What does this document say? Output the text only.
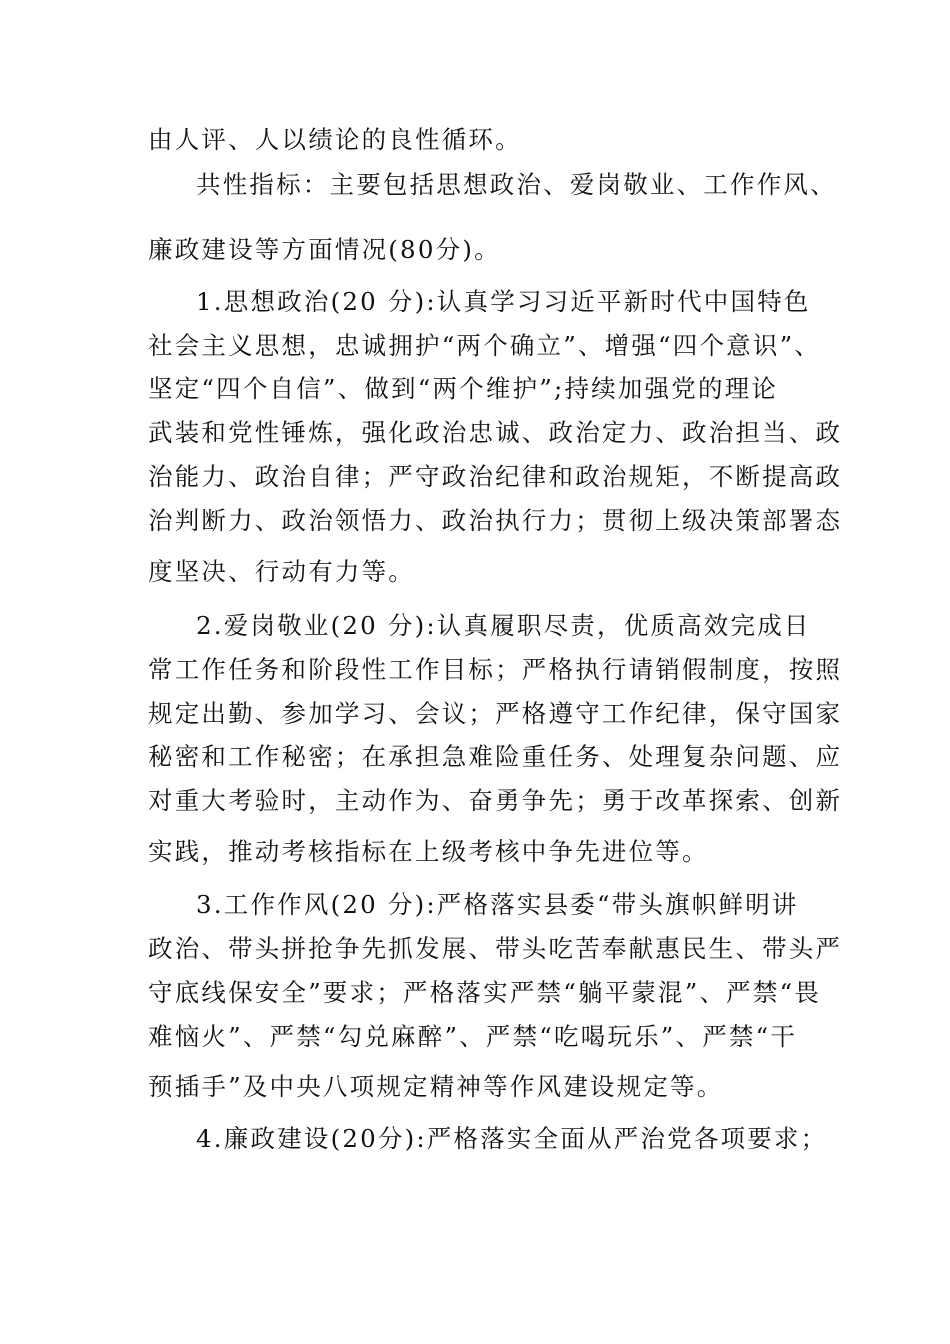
由人评、人以绩论的良性循环。
共性指标：主要包括思想政治、爱岗敬业、工作作风、
廉政建设等方面情况(80分)。
1.思想政治(20 分):认真学习习近平新时代中国特色
社会主义思想，忠诚拥护“两个确立”、增强“四个意识”、
坚定“四个自信”、做到“两个维护”;持续加强党的理论
武装和党性锤炼，强化政治忠诚、政治定力、政治担当、政
治能力、政治自律；严守政治纪律和政治规矩，不断提高政
治判断力、政治领悟力、政治执行力；贯彻上级决策部署态
度坚决、行动有力等。
2.爱岗敬业(20 分):认真履职尽责，优质高效完成日
常工作任务和阶段性工作目标；严格执行请销假制度，按照
规定出勤、参加学习、会议；严格遵守工作纪律，保守国家
秘密和工作秘密；在承担急难险重任务、处理复杂问题、应
对重大考验时，主动作为、奋勇争先；勇于改革探索、创新
实践，推动考核指标在上级考核中争先进位等。
3.工作作风(20 分):严格落实县委“带头旗帜鲜明讲
政治、带头拼抢争先抓发展、带头吃苦奉献惠民生、带头严
守底线保安全”要求；严格落实严禁“躺平蒙混”、严禁“畏
难恼火”、严禁“勾兑麻醉”、严禁“吃喝玩乐”、严禁“干
预插手”及中央八项规定精神等作风建设规定等。
4.廉政建设(20分):严格落实全面从严治党各项要求；
